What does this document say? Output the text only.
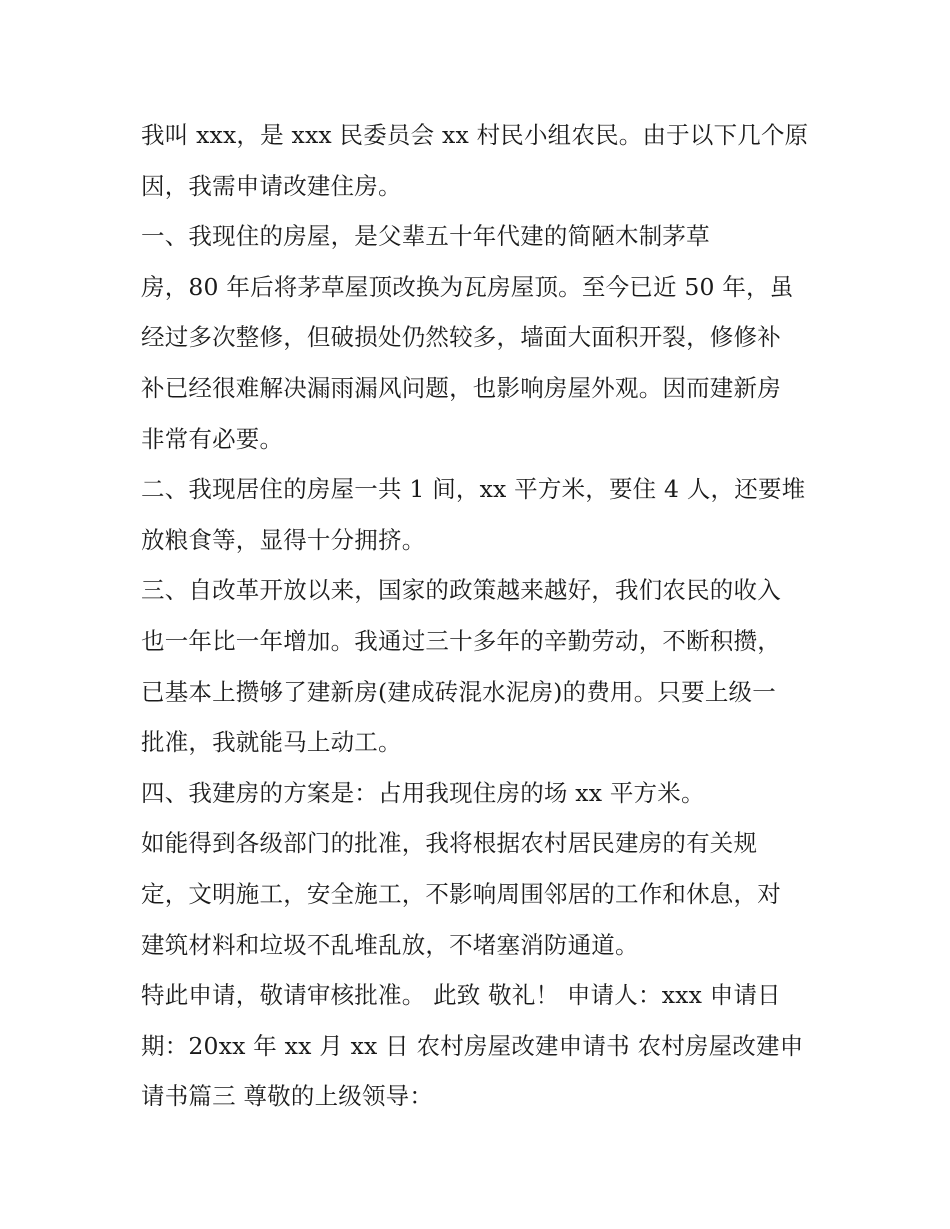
我叫 xxx，是 xxx 民委员会 xx 村民小组农民。由于以下几个原
因，我需申请改建住房。
一、我现住的房屋，是父辈五十年代建的简陋木制茅草
房，80 年后将茅草屋顶改换为瓦房屋顶。至今已近 50 年，虽
经过多次整修，但破损处仍然较多，墙面大面积开裂，修修补
补已经很难解决漏雨漏风问题，也影响房屋外观。因而建新房
非常有必要。
二、我现居住的房屋一共 1 间，xx 平方米，要住 4 人，还要堆
放粮食等，显得十分拥挤。
三、自改革开放以来，国家的政策越来越好，我们农民的收入
也一年比一年增加。我通过三十多年的辛勤劳动，不断积攒，
已基本上攒够了建新房(建成砖混水泥房)的费用。只要上级一
批准，我就能马上动工。
四、我建房的方案是：占用我现住房的场 xx 平方米。
如能得到各级部门的批准，我将根据农村居民建房的有关规
定，文明施工，安全施工，不影响周围邻居的工作和休息，对
建筑材料和垃圾不乱堆乱放，不堵塞消防通道。
特此申请，敬请审核批准。 此致 敬礼！ 申请人：xxx 申请日
期：20xx 年 xx 月 xx 日 农村房屋改建申请书 农村房屋改建申
请书篇三 尊敬的上级领导：
